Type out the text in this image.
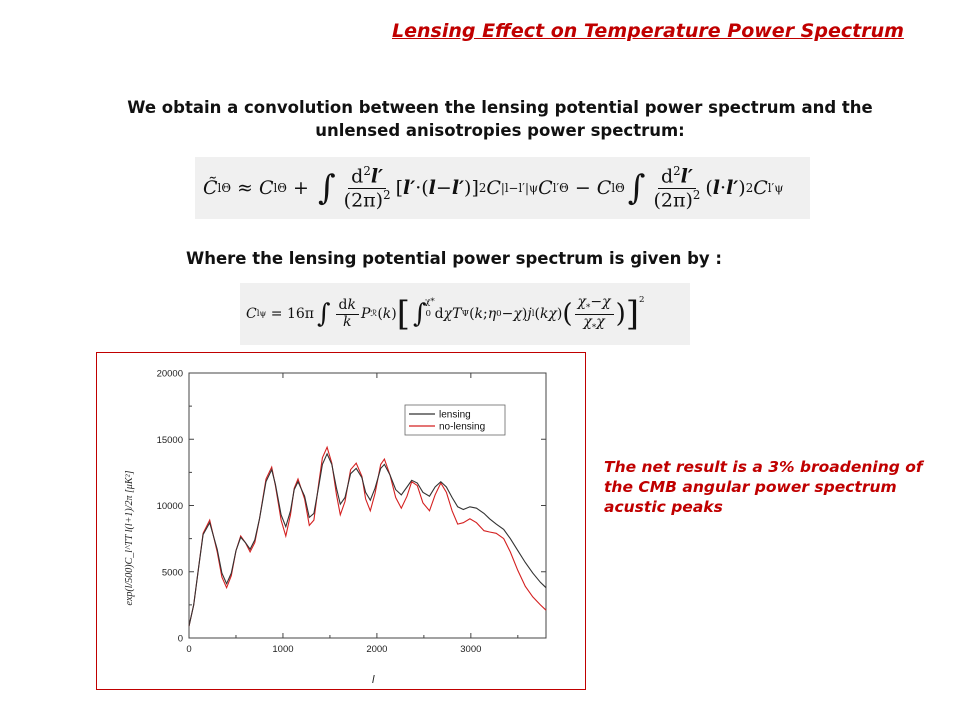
Lensing Effect on Temperature Power Spectrum
We obtain a convolution between the lensing potential power spectrum and the unlensed anisotropies power spectrum:
C̃ l Θ ≈ C l Θ + ∫ $\frac{d^2l'}{(2\pi)^2}$ [ l′ ·( l − l′ )] 2 C |l−l′| ψ C l′ Θ − C l Θ ∫ $\frac{d^2l'}{(2\pi)^2}$ ( l · l′ ) 2 C l′ ψ
Where the lensing potential power spectrum is given by :
C l ψ = 16π ∫ $\frac{dk}{k}$ P ℛ ( k ) [ ∫ 0
$^{\chi*}$
d χT Ψ ( k ; η 0 − χ ) j l ( kχ ) ( $\frac{\chi_*-\chi}{\chi_*\chi}$ ) ]$^2$
0
5000
10000
15000
20000
0	1000	2000	3000
lensing
no-lensing
l
exp(l/500)C_l^TT l(l+1)/2π [μK²]
The net result is a 3% broadening of the CMB angular power spectrum acustic peaks
